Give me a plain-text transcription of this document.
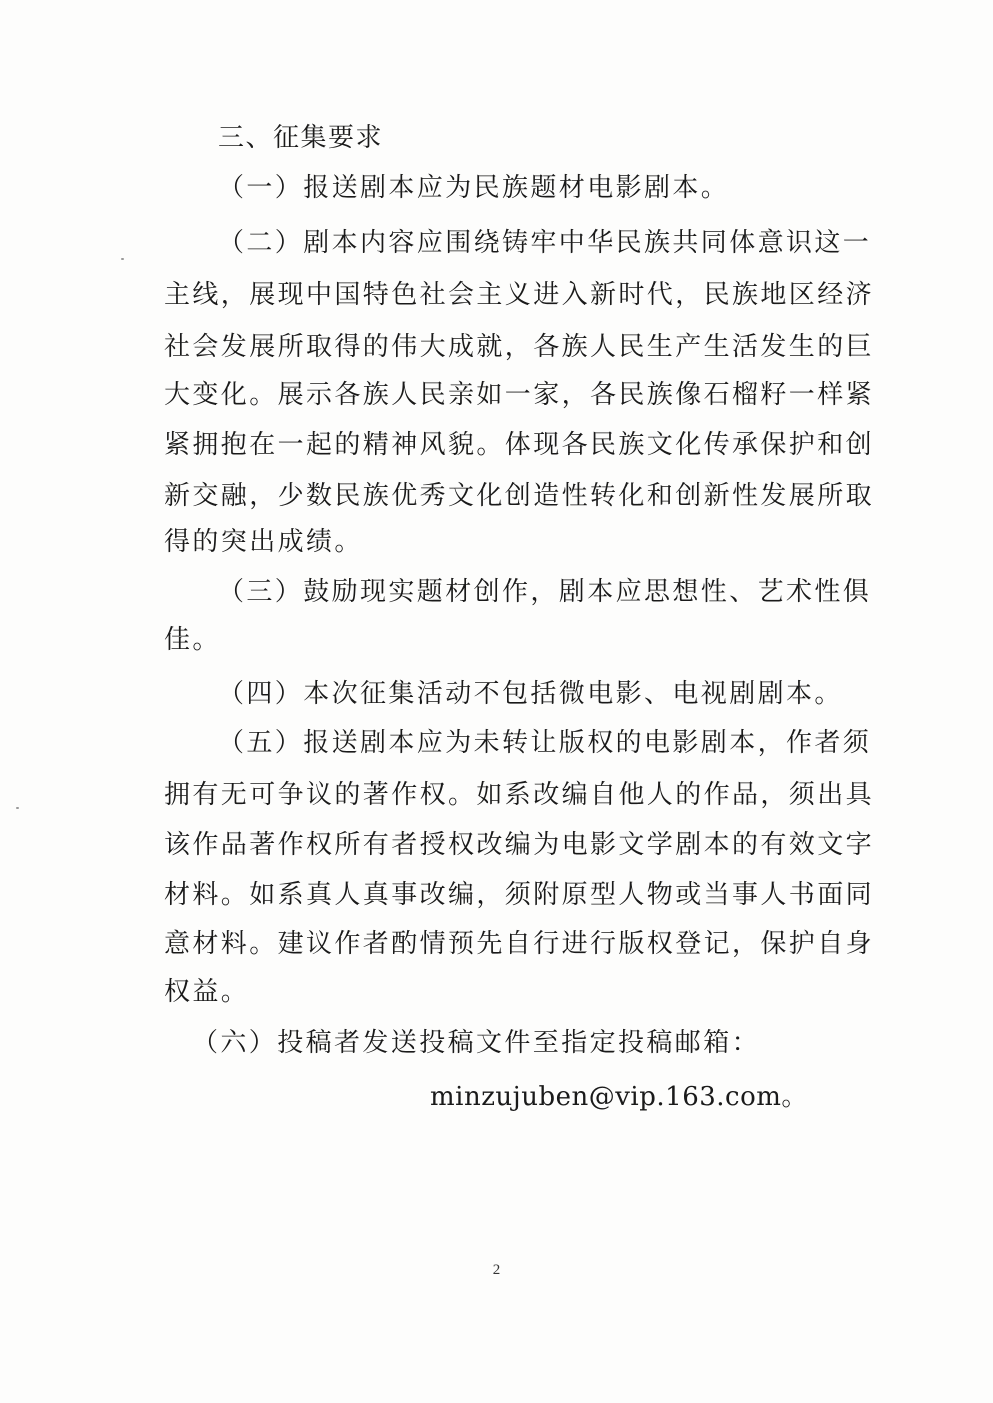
三、征集要求
（一）报送剧本应为民族题材电影剧本。
（二）剧本内容应围绕铸牢中华民族共同体意识这一
主线，展现中国特色社会主义进入新时代，民族地区经济
社会发展所取得的伟大成就，各族人民生产生活发生的巨
大变化。展示各族人民亲如一家，各民族像石榴籽一样紧
紧拥抱在一起的精神风貌。体现各民族文化传承保护和创
新交融，少数民族优秀文化创造性转化和创新性发展所取
得的突出成绩。
（三）鼓励现实题材创作，剧本应思想性、艺术性俱
佳。
（四）本次征集活动不包括微电影、电视剧剧本。
（五）报送剧本应为未转让版权的电影剧本，作者须
拥有无可争议的著作权。如系改编自他人的作品，须出具
该作品著作权所有者授权改编为电影文学剧本的有效文字
材料。如系真人真事改编，须附原型人物或当事人书面同
意材料。建议作者酌情预先自行进行版权登记，保护自身
权益。
（六）投稿者发送投稿文件至指定投稿邮箱：
minzujuben@vip.163.com。
2
